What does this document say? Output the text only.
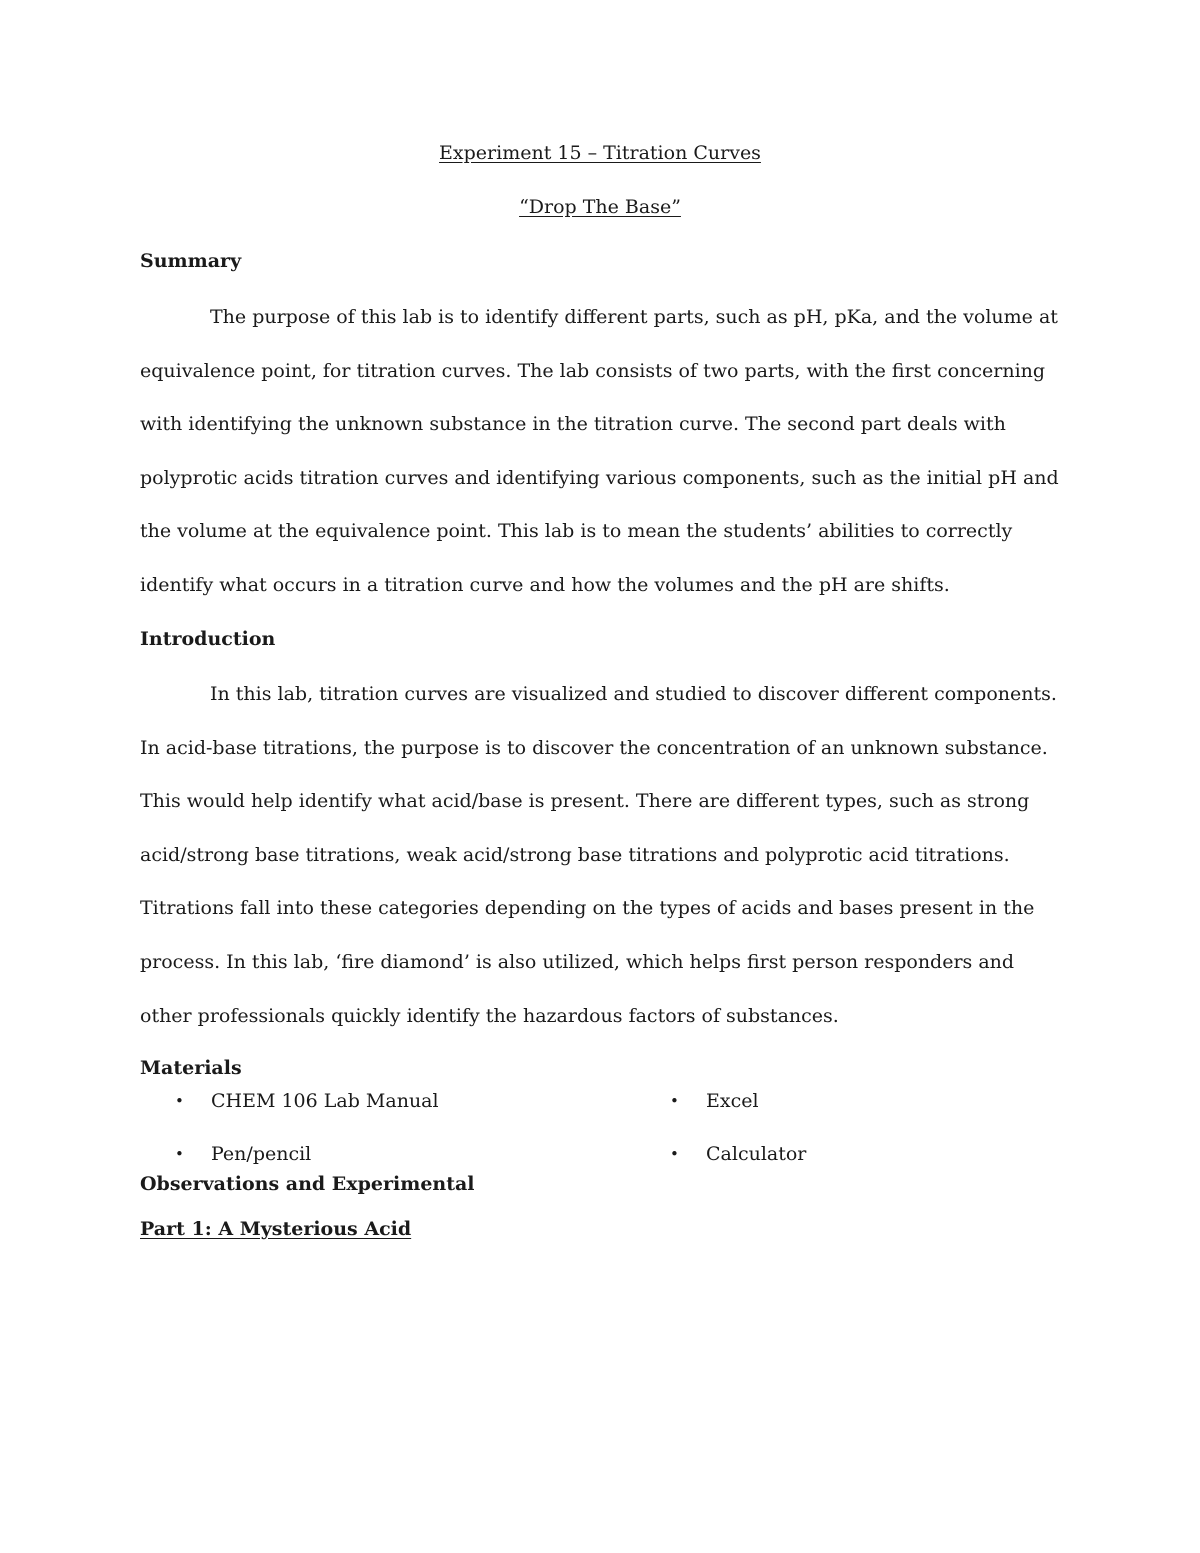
Experiment 15 – Titration Curves
“Drop The Base”
Summary

The purpose of this lab is to identify different parts, such as pH, pKa, and the volume at equivalence point, for titration curves. The lab consists of two parts, with the first concerning with identifying the unknown substance in the titration curve. The second part deals with polyprotic acids titration curves and identifying various components, such as the initial pH and the volume at the equivalence point. This lab is to mean the students’ abilities to correctly identify what occurs in a titration curve and how the volumes and the pH are shifts.

Introduction

In this lab, titration curves are visualized and studied to discover different components. In acid-base titrations, the purpose is to discover the concentration of an unknown substance. This would help identify what acid/base is present. There are different types, such as strong acid/strong base titrations, weak acid/strong base titrations and polyprotic acid titrations. Titrations fall into these categories depending on the types of acids and bases present in the process. In this lab, ‘fire diamond’ is also utilized, which helps first person responders and other professionals quickly identify the hazardous factors of substances.

Materials
• CHEM 106 Lab Manual	• Excel
• Pen/pencil	• Calculator
Observations and Experimental
Part 1: A Mysterious Acid
